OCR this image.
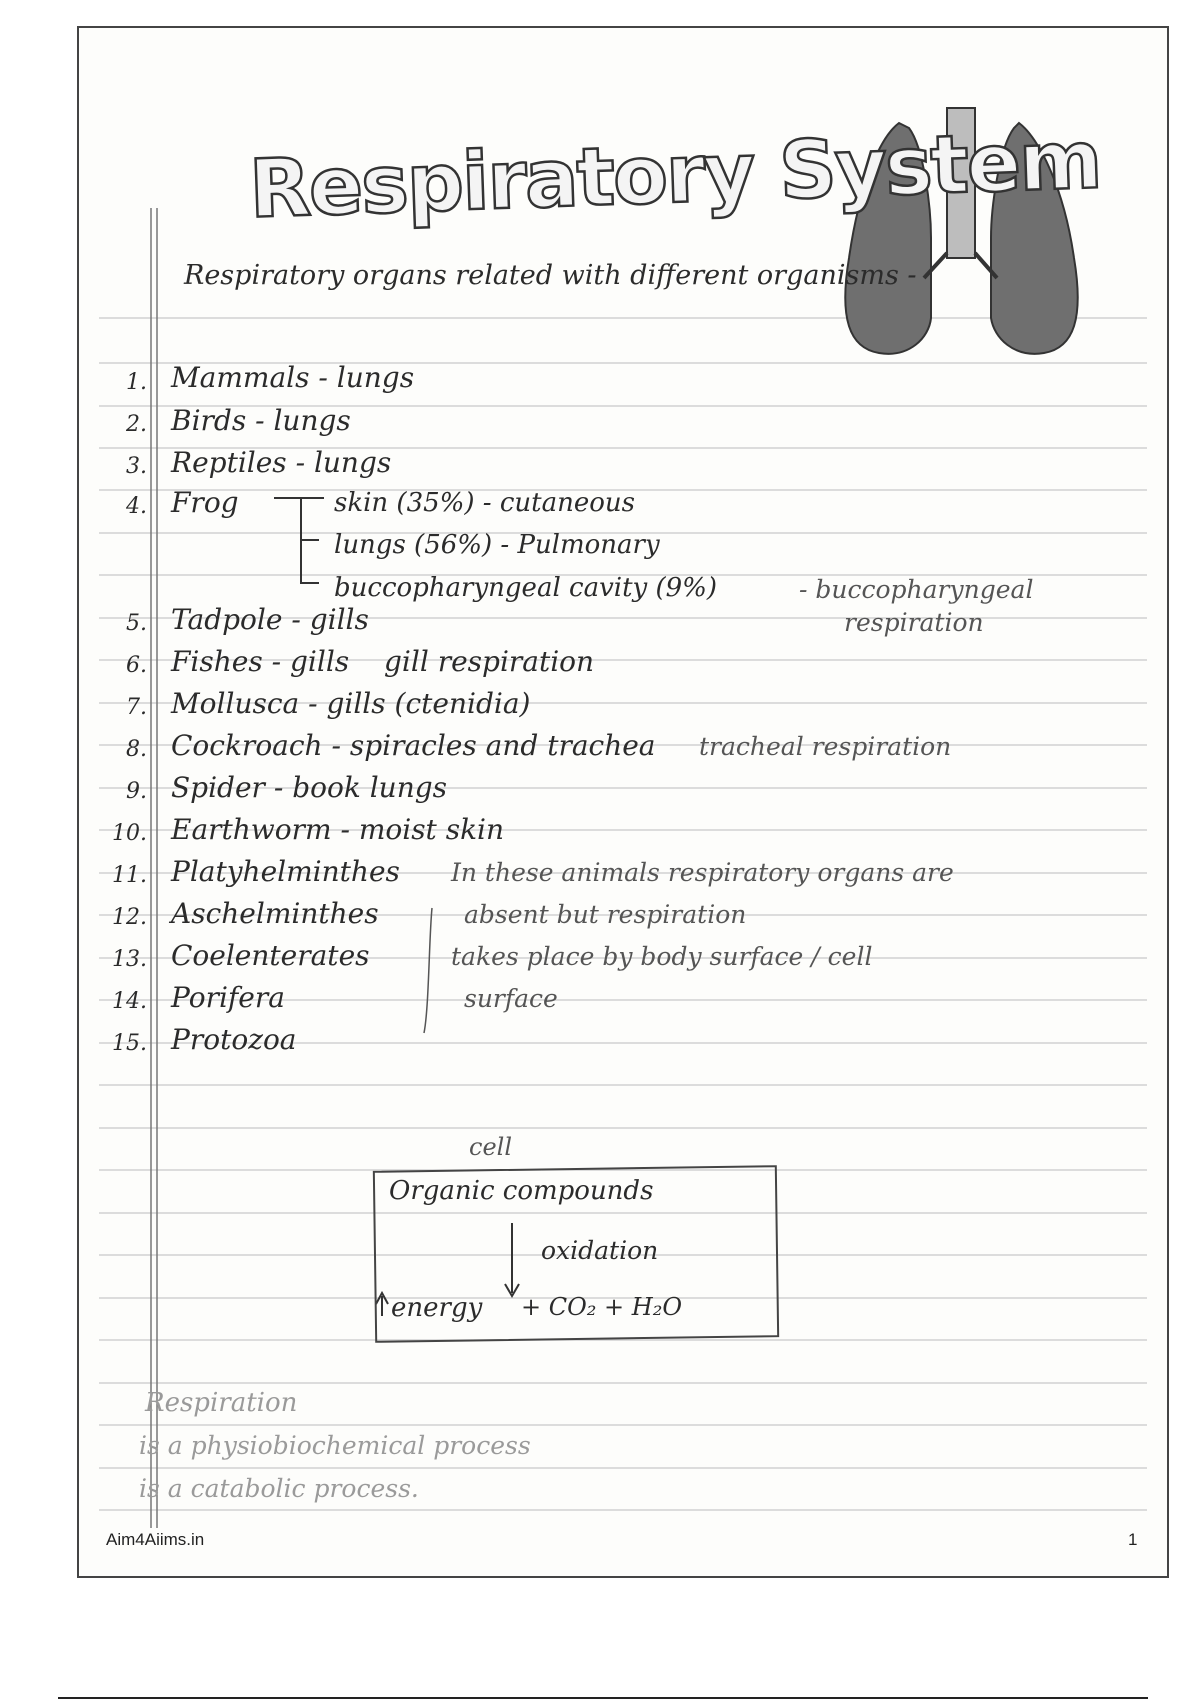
Respiratory System
Respiratory organs related with different organisms -
1. Mammals - lungs
2. Birds - lungs
3. Reptiles - lungs
4. Frog	skin (35%) - cutaneous
lungs (56%) - Pulmonary
buccopharyngeal cavity (9%)	- buccopharyngeal
respiration
5. Tadpole - gills
6. Fishes - gills gill respiration
7. Mollusca - gills (ctenidia)
8. Cockroach - spiracles and trachea tracheal respiration
9. Spider - book lungs
10. Earthworm - moist skin
11. Platyhelminthes
12. Aschelminthes
13. Coelenterates
14. Porifera
15. Protozoa
In these animals respiratory organs are
absent but respiration
takes place by body surface / cell
surface
cell
Organic compounds
oxidation
energy + CO₂ + H₂O
Respiration
is a physiobiochemical process
is a catabolic process.
Aim4Aiims.in	1
